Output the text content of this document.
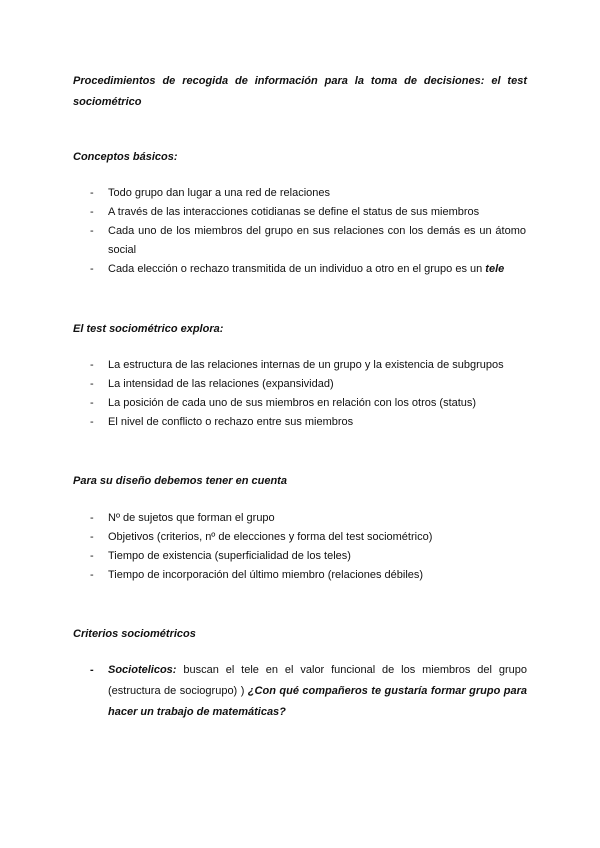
Procedimientos de recogida de información para la toma de decisiones: el test sociométrico

Conceptos básicos:

- Todo grupo dan lugar a una red de relaciones
- A través de las interacciones cotidianas se define el status de sus miembros
- Cada uno de los miembros del grupo en sus relaciones con los demás es un átomo social
- Cada elección o rechazo transmitida de un individuo a otro en el grupo es un tele

El test sociométrico explora:

- La estructura de las relaciones internas de un grupo y la existencia de subgrupos
- La intensidad de las relaciones (expansividad)
- La posición de cada uno de sus miembros en relación con los otros (status)
- El nivel de conflicto o rechazo entre sus miembros

Para su diseño debemos tener en cuenta

- Nº de sujetos que forman el grupo
- Objetivos (criterios, nº de elecciones y forma del test sociométrico)
- Tiempo de existencia (superficialidad de los teles)
- Tiempo de incorporación del último miembro (relaciones débiles)

Criterios sociométricos

- Sociotelicos: buscan el tele en el valor funcional de los miembros del grupo (estructura de sociogrupo) ) ¿Con qué compañeros te gustaría formar grupo para hacer un trabajo de matemáticas?
